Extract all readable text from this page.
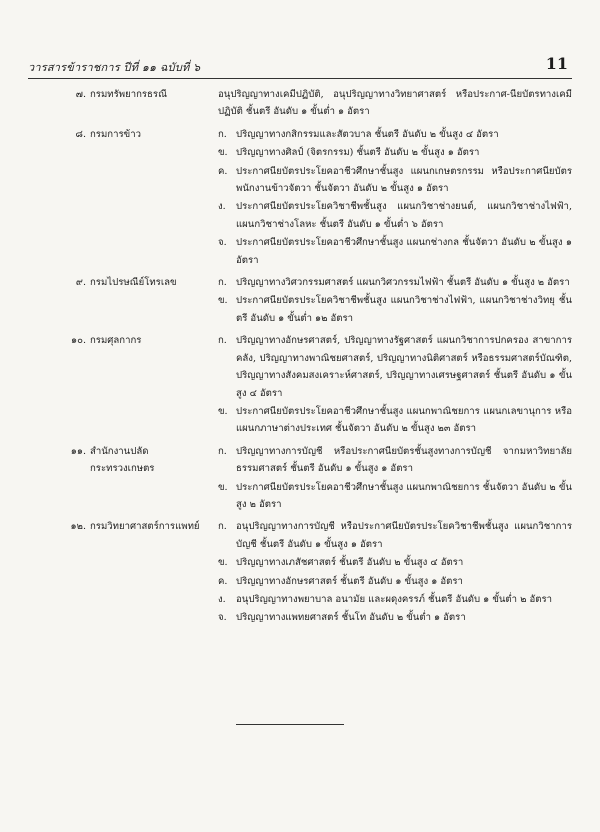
วารสารข้าราชการ ปีที่ ๑๑ ฉบับที่ ๖	11
๗. กรมทรัพยากรธรณี	อนุปริญญาทางเคมีปฏิบัติ, อนุปริญญาทางวิทยาศาสตร์ หรือประกาศ-นียบัตรทางเคมีปฏิบัติ ชั้นตรี อันดับ ๑ ขั้นต่ำ ๑ อัตรา
๘. กรมการข้าว	ก. ปริญญาทางกสิกรรมและสัตวบาล ชั้นตรี อันดับ ๒ ขั้นสูง ๔ อัตรา
ข. ปริญญาทางศิลป์ (จิตรกรรม) ชั้นตรี อันดับ ๒ ขั้นสูง ๑ อัตรา
ค. ประกาศนียบัตรประโยคอาชีวศึกษาชั้นสูง แผนกเกษตรกรรม หรือประกาศนียบัตรพนักงานข้าวจัตวา ชั้นจัตวา อันดับ ๒ ขั้นสูง ๑ อัตรา
ง.	ประกาศนียบัตรประโยควิชาชีพชั้นสูง แผนกวิชาช่างยนต์, แผนกวิชาช่างไฟฟ้า, แผนกวิชาช่างโลหะ ชั้นตรี อันดับ ๑ ขั้นต่ำ ๖ อัตรา
จ. ประกาศนียบัตรประโยคอาชีวศึกษาชั้นสูง แผนกช่างกล ชั้นจัตวา อันดับ ๒ ขั้นสูง ๑ อัตรา
๙. กรมไปรษณีย์โทรเลข	ก. ปริญญาทางวิศวกรรมศาสตร์ แผนกวิศวกรรมไฟฟ้า ชั้นตรี อันดับ ๑ ขั้นสูง ๒ อัตรา
ข. ประกาศนียบัตรประโยควิชาชีพชั้นสูง แผนกวิชาช่างไฟฟ้า, แผนกวิชาช่างวิทยุ ชั้นตรี อันดับ ๑ ขั้นต่ำ ๑๒ อัตรา
๑๐. กรมศุลกากร	ก. ปริญญาทางอักษรศาสตร์, ปริญญาทางรัฐศาสตร์ แผนกวิชาการปกครอง สาขาการคลัง, ปริญญาทางพาณิชยศาสตร์, ปริญญาทางนิติศาสตร์ หรือธรรมศาสตร์บัณฑิต, ปริญญาทางสังคมสงเคราะห์ศาสตร์, ปริญญาทางเศรษฐศาสตร์ ชั้นตรี อันดับ ๑ ขั้นสูง ๔ อัตรา
ข. ประกาศนียบัตรประโยคอาชีวศึกษาชั้นสูง แผนกพาณิชยการ แผนกเลขานุการ หรือแผนกภาษาต่างประเทศ ชั้นจัตวา อันดับ ๒ ขั้นสูง ๒๓ อัตรา
๑๑. สำนักงานปลัด
กระทรวงเกษตร
ก. ปริญญาทางการบัญชี หรือประกาศนียบัตรชั้นสูงทางการบัญชี จากมหาวิทยาลัยธรรมศาสตร์ ชั้นตรี อันดับ ๑ ขั้นสูง ๑ อัตรา
ข. ประกาศนียบัตรประโยคอาชีวศึกษาชั้นสูง แผนกพาณิชยการ ชั้นจัตวา อันดับ ๒ ขั้นสูง ๒ อัตรา
๑๒. กรมวิทยาศาสตร์การแพทย์	ก. อนุปริญญาทางการบัญชี หรือประกาศนียบัตรประโยควิชาชีพชั้นสูง แผนกวิชาการบัญชี ชั้นตรี อันดับ ๑ ขั้นสูง ๑ อัตรา
ข. ปริญญาทางเภสัชศาสตร์ ชั้นตรี อันดับ ๒ ขั้นสูง ๔ อัตรา
ค. ปริญญาทางอักษรศาสตร์ ชั้นตรี อันดับ ๑ ขั้นสูง ๑ อัตรา
ง.	อนุปริญญาทางพยาบาล อนามัย และผดุงครรภ์ ชั้นตรี อันดับ ๑ ขั้นต่ำ ๒ อัตรา
จ. ปริญญาทางแพทยศาสตร์ ชั้นโท อันดับ ๒ ขั้นต่ำ ๑ อัตรา
